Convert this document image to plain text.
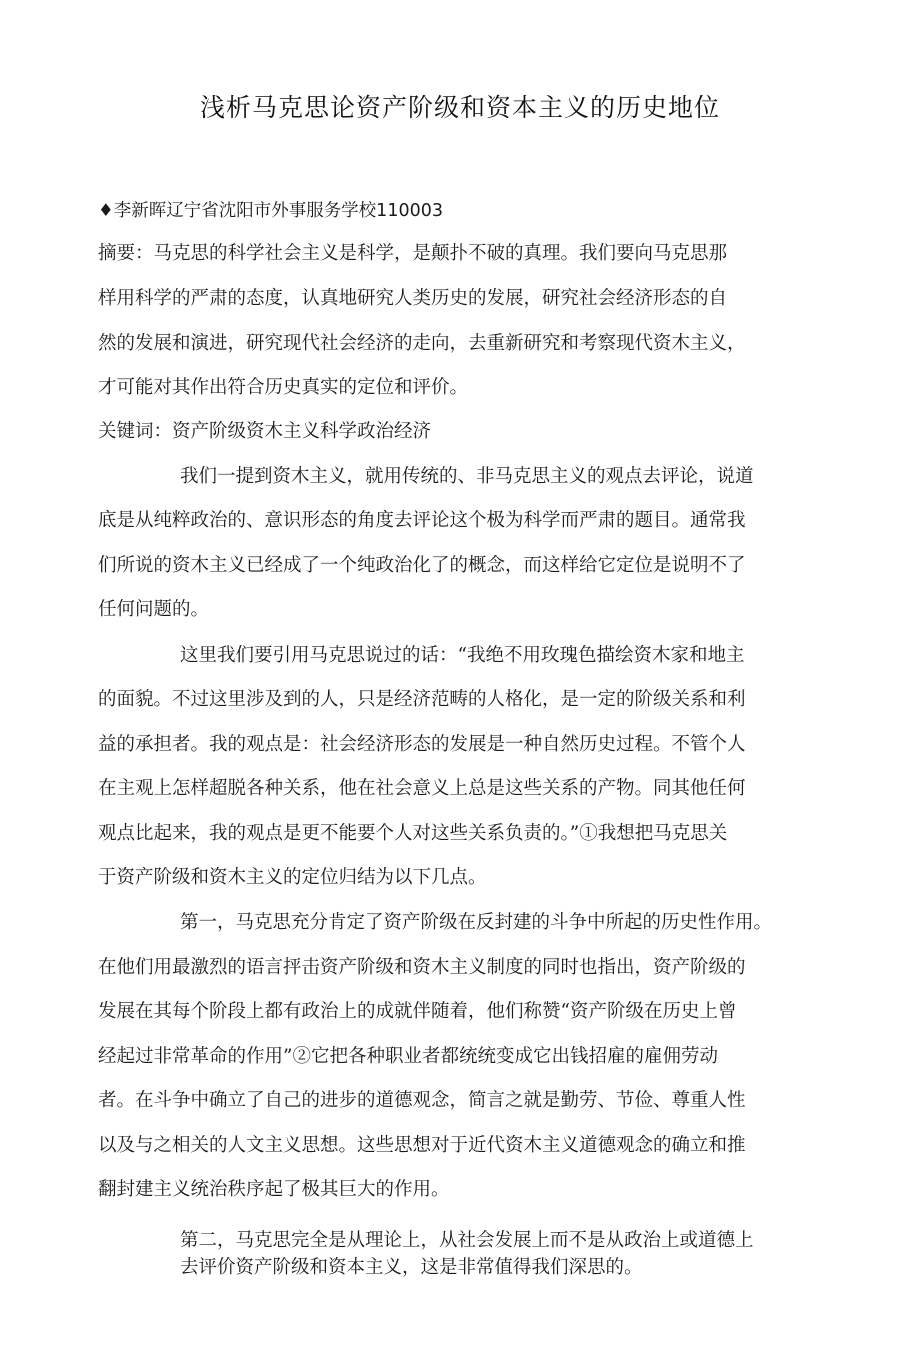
浅析马克思论资产阶级和资本主义的历史地位
♦李新晖辽宁省沈阳市外事服务学校110003
摘要：马克思的科学社会主义是科学，是颠扑不破的真理。我们要向马克思那
样用科学的严肃的态度，认真地研究人类历史的发展，研究社会经济形态的自
然的发展和演进，研究现代社会经济的走向，去重新研究和考察现代资木主义，
才可能对其作出符合历史真实的定位和评价。
关键词：资产阶级资木主义科学政治经济
我们一提到资木主义，就用传统的、非马克思主义的观点去评论，说道
底是从纯粹政治的、意识形态的角度去评论这个极为科学而严肃的题目。通常我
们所说的资木主义已经成了一个纯政治化了的概念，而这样给它定位是说明不了
任何问题的。
这里我们要引用马克思说过的话：“我绝不用玫瑰色描绘资木家和地主
的面貌。不过这里涉及到的人，只是经济范畴的人格化，是一定的阶级关系和利
益的承担者。我的观点是：社会经济形态的发展是一种自然历史过程。不管个人
在主观上怎样超脱各种关系，他在社会意义上总是这些关系的产物。同其他任何
观点比起来，我的观点是更不能要个人对这些关系负责的。”①我想把马克思关
于资产阶级和资木主义的定位归结为以下几点。
第一，马克思充分肯定了资产阶级在反封建的斗争中所起的历史性作用。
在他们用最激烈的语言抨击资产阶级和资木主义制度的同时也指出，资产阶级的
发展在其每个阶段上都有政治上的成就伴随着，他们称赞“资产阶级在历史上曾
经起过非常革命的作用”②它把各种职业者都统统变成它出钱招雇的雇佣劳动
者。在斗争中确立了自己的进步的道德观念，简言之就是勤劳、节俭、尊重人性
以及与之相关的人文主义思想。这些思想对于近代资木主义道德观念的确立和推
翻封建主义统治秩序起了极其巨大的作用。
第二，马克思完全是从理论上，从社会发展上而不是从政治上或道德上
去评价资产阶级和资本主义，这是非常值得我们深思的。
